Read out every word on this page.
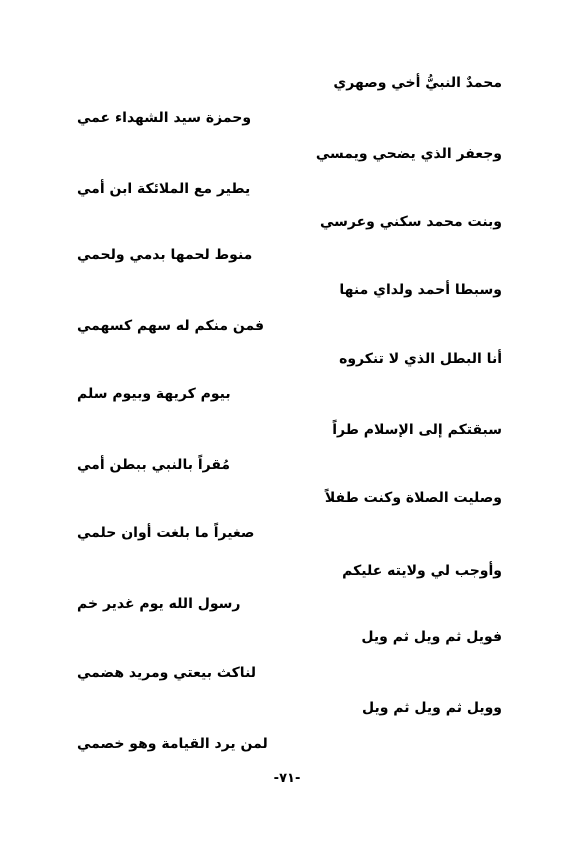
محمدٌ النبيُّ أخي وصهري
وحمزة سيد الشهداء عمي
وجعفر الذي يضحي ويمسي
يطير مع الملائكة ابن أمي
وبنت محمد سكني وعرسي
منوط لحمها بدمي ولحمي
وسبطا أحمد ولداي منها
فمن منكم له سهم كسهمي
أنا البطل الذي لا تنكروه
بيوم كريهة وبيوم سلم
سبقتكم إلى الإسلام طراً
مُقراً بالنبي ببطن أمي
وصليت الصلاة وكنت طفلاً
صغيراً ما بلغت أوان حلمي
وأوجب لي ولايته عليكم
رسول الله يوم غدير خم
فويل ثم ويل ثم ويل
لناكث بيعتي ومريد هضمي
وويل ثم ويل ثم ويل
لمن يرد القيامة وهو خصمي
-٧١-
